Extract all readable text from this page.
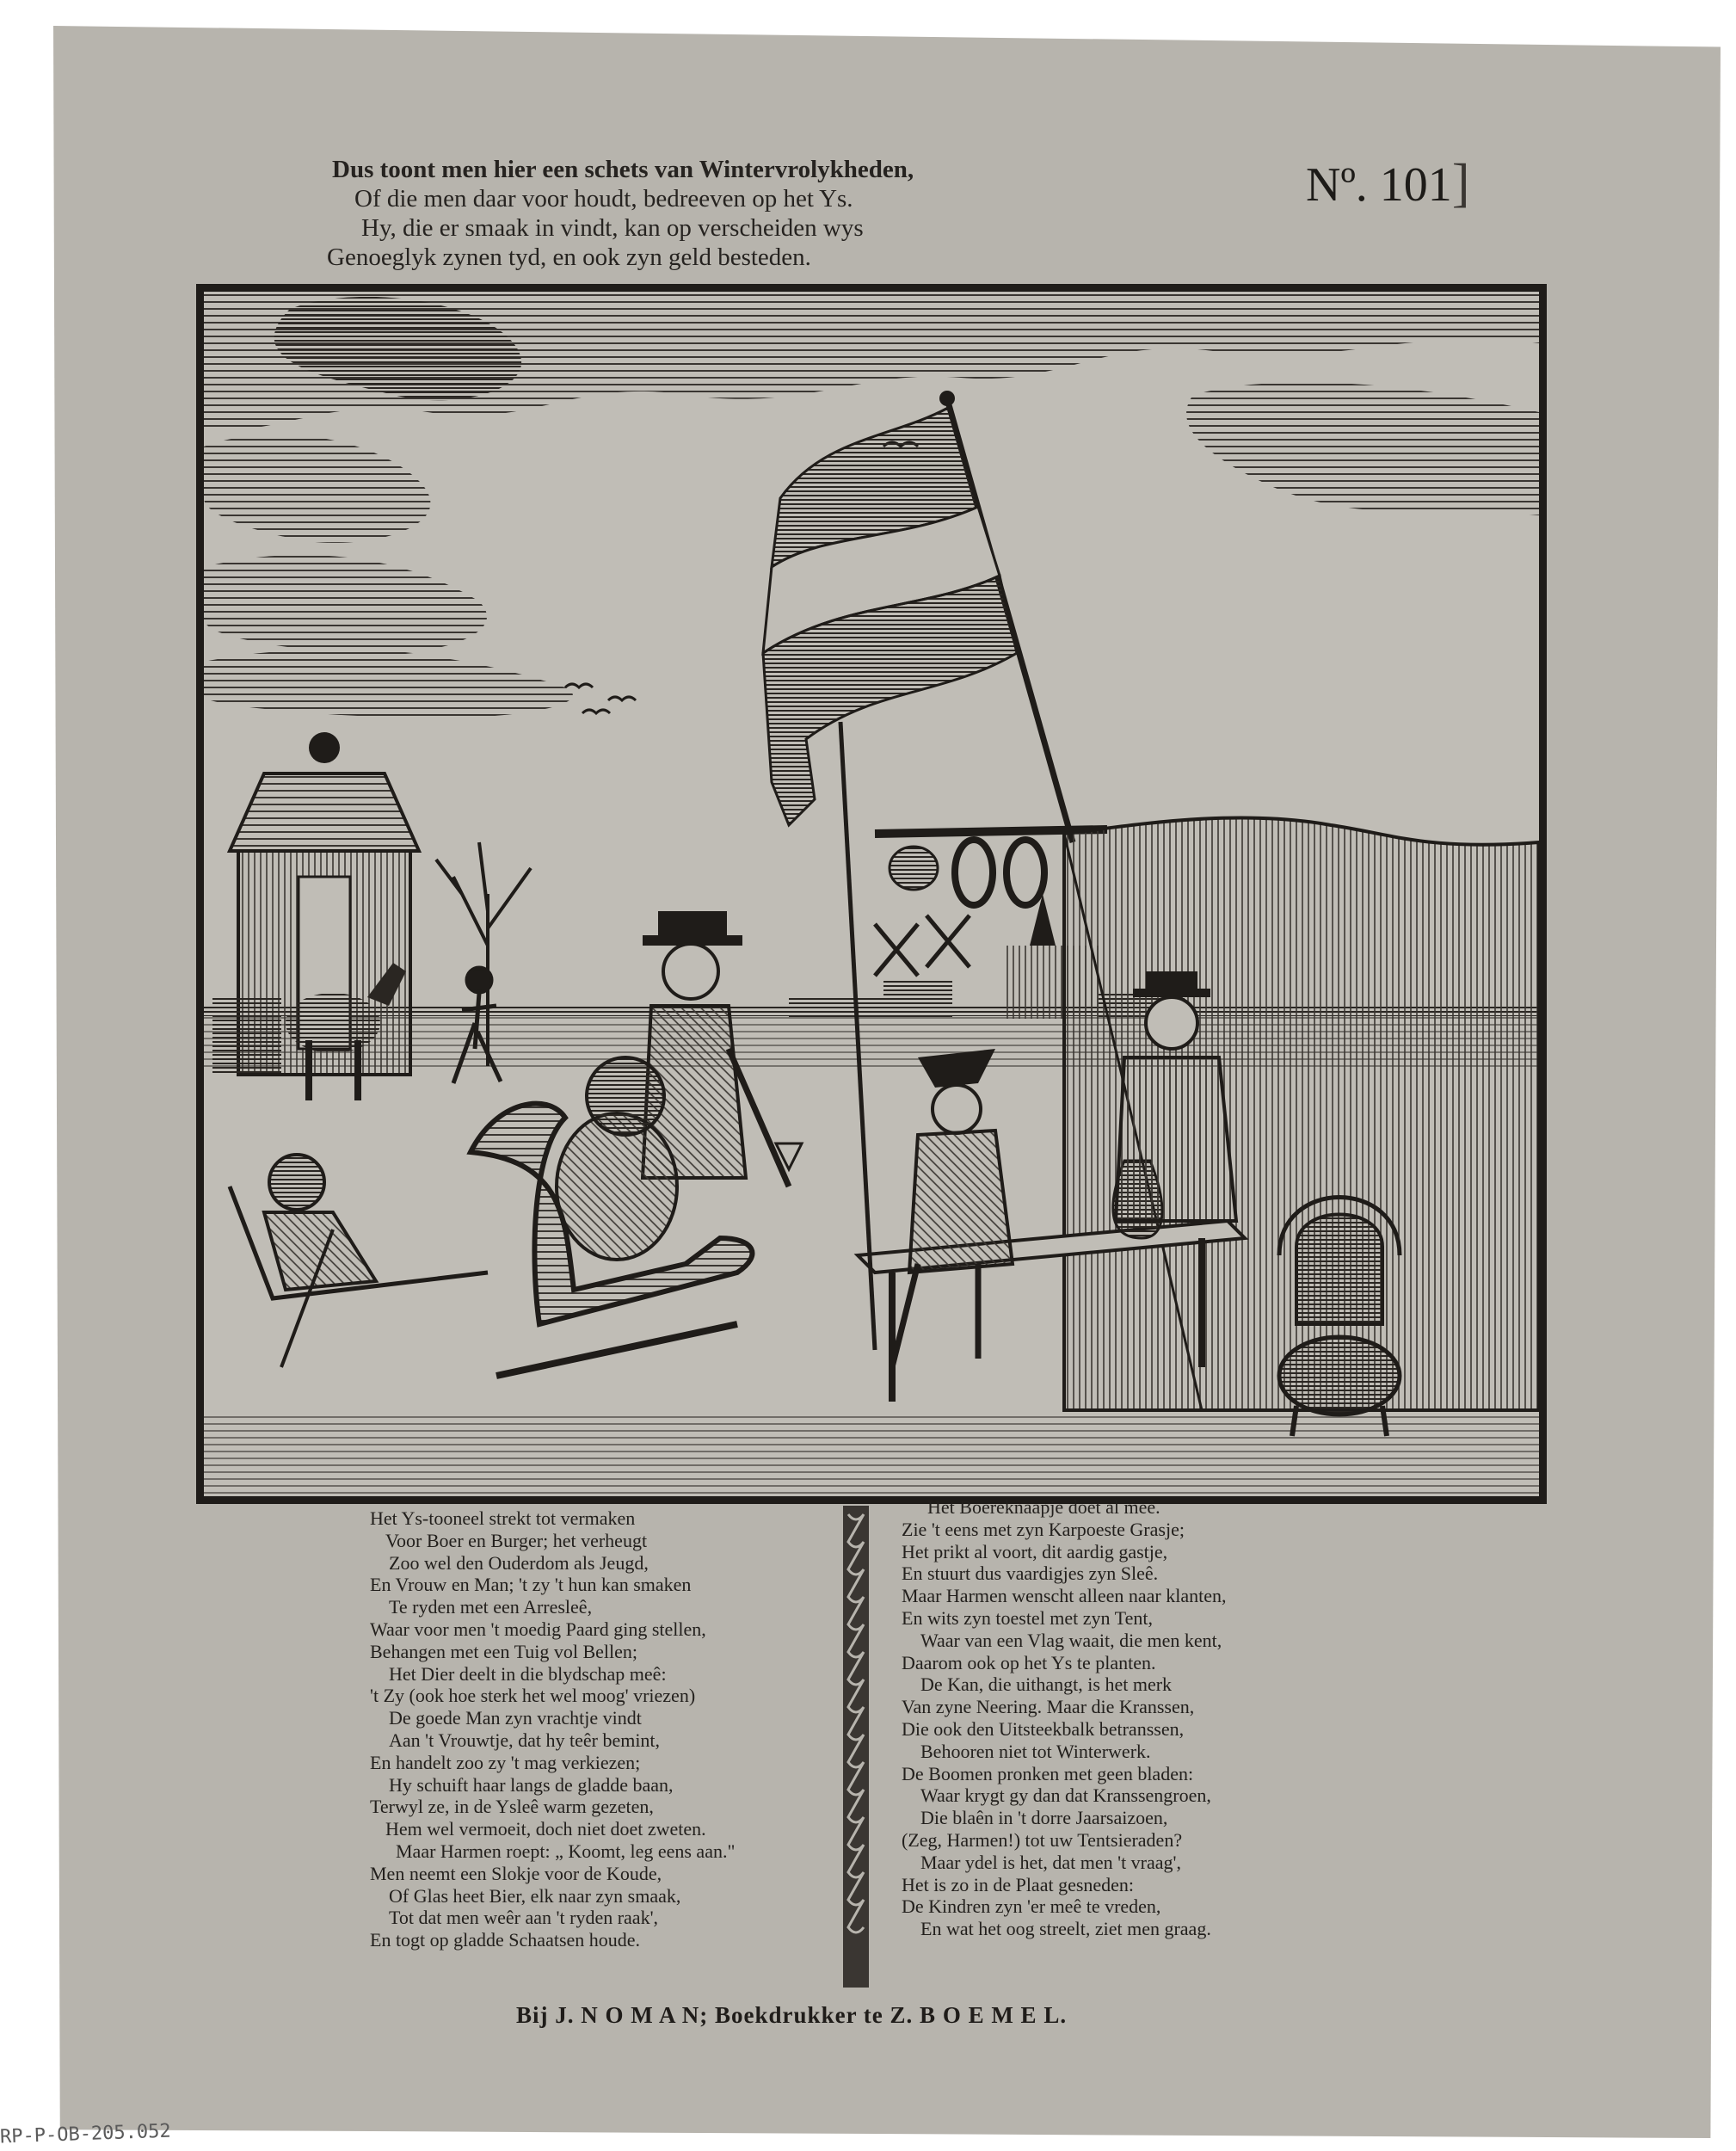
Dus toont men hier een schets van Wintervrolykheden,
Of die men daar voor houdt, bedreeven op het Ys.
Hy, die er smaak in vindt, kan op verscheiden wys
Genoeglyk zynen tyd, en ook zyn geld besteden.
Nº. 101]
Het Ys-tooneel strekt tot vermaken
Voor Boer en Burger; het verheugt
Zoo wel den Ouderdom als Jeugd,
En Vrouw en Man; 't zy 't hun kan smaken
Te ryden met een Arresleê,
Waar voor men 't moedig Paard ging stellen,
Behangen met een Tuig vol Bellen;
Het Dier deelt in die blydschap meê:
't Zy (ook hoe sterk het wel moog' vriezen)
De goede Man zyn vrachtje vindt
Aan 't Vrouwtje, dat hy teêr bemint,
En handelt zoo zy 't mag verkiezen;
Hy schuift haar langs de gladde baan,
Terwyl ze, in de Ysleê warm gezeten,
Hem wel vermoeit, doch niet doet zweten.
Maar Harmen roept: „ Koomt, leg eens aan."
Men neemt een Slokje voor de Koude,
Of Glas heet Bier, elk naar zyn smaak,
Tot dat men weêr aan 't ryden raak',
En togt op gladde Schaatsen houde.
Het Boereknaapje doet al meê.
Zie 't eens met zyn Karpoeste Grasje;
Het prikt al voort, dit aardig gastje,
En stuurt dus vaardigjes zyn Sleê.
Maar Harmen wenscht alleen naar klanten,
En wits zyn toestel met zyn Tent,
Waar van een Vlag waait, die men kent,
Daarom ook op het Ys te planten.
De Kan, die uithangt, is het merk
Van zyne Neering. Maar die Kranssen,
Die ook den Uitsteekbalk betranssen,
Behooren niet tot Winterwerk.
De Boomen pronken met geen bladen:
Waar krygt gy dan dat Kranssengroen,
Die blaên in 't dorre Jaarsaizoen,
(Zeg, Harmen!) tot uw Tentsieraden?
Maar ydel is het, dat men 't vraag',
Het is zo in de Plaat gesneden:
De Kindren zyn 'er meê te vreden,
En wat het oog streelt, ziet men graag.
Bij J. N O M A N; Boekdrukker te Z. B O E M E L.
RP-P-OB-205.052
